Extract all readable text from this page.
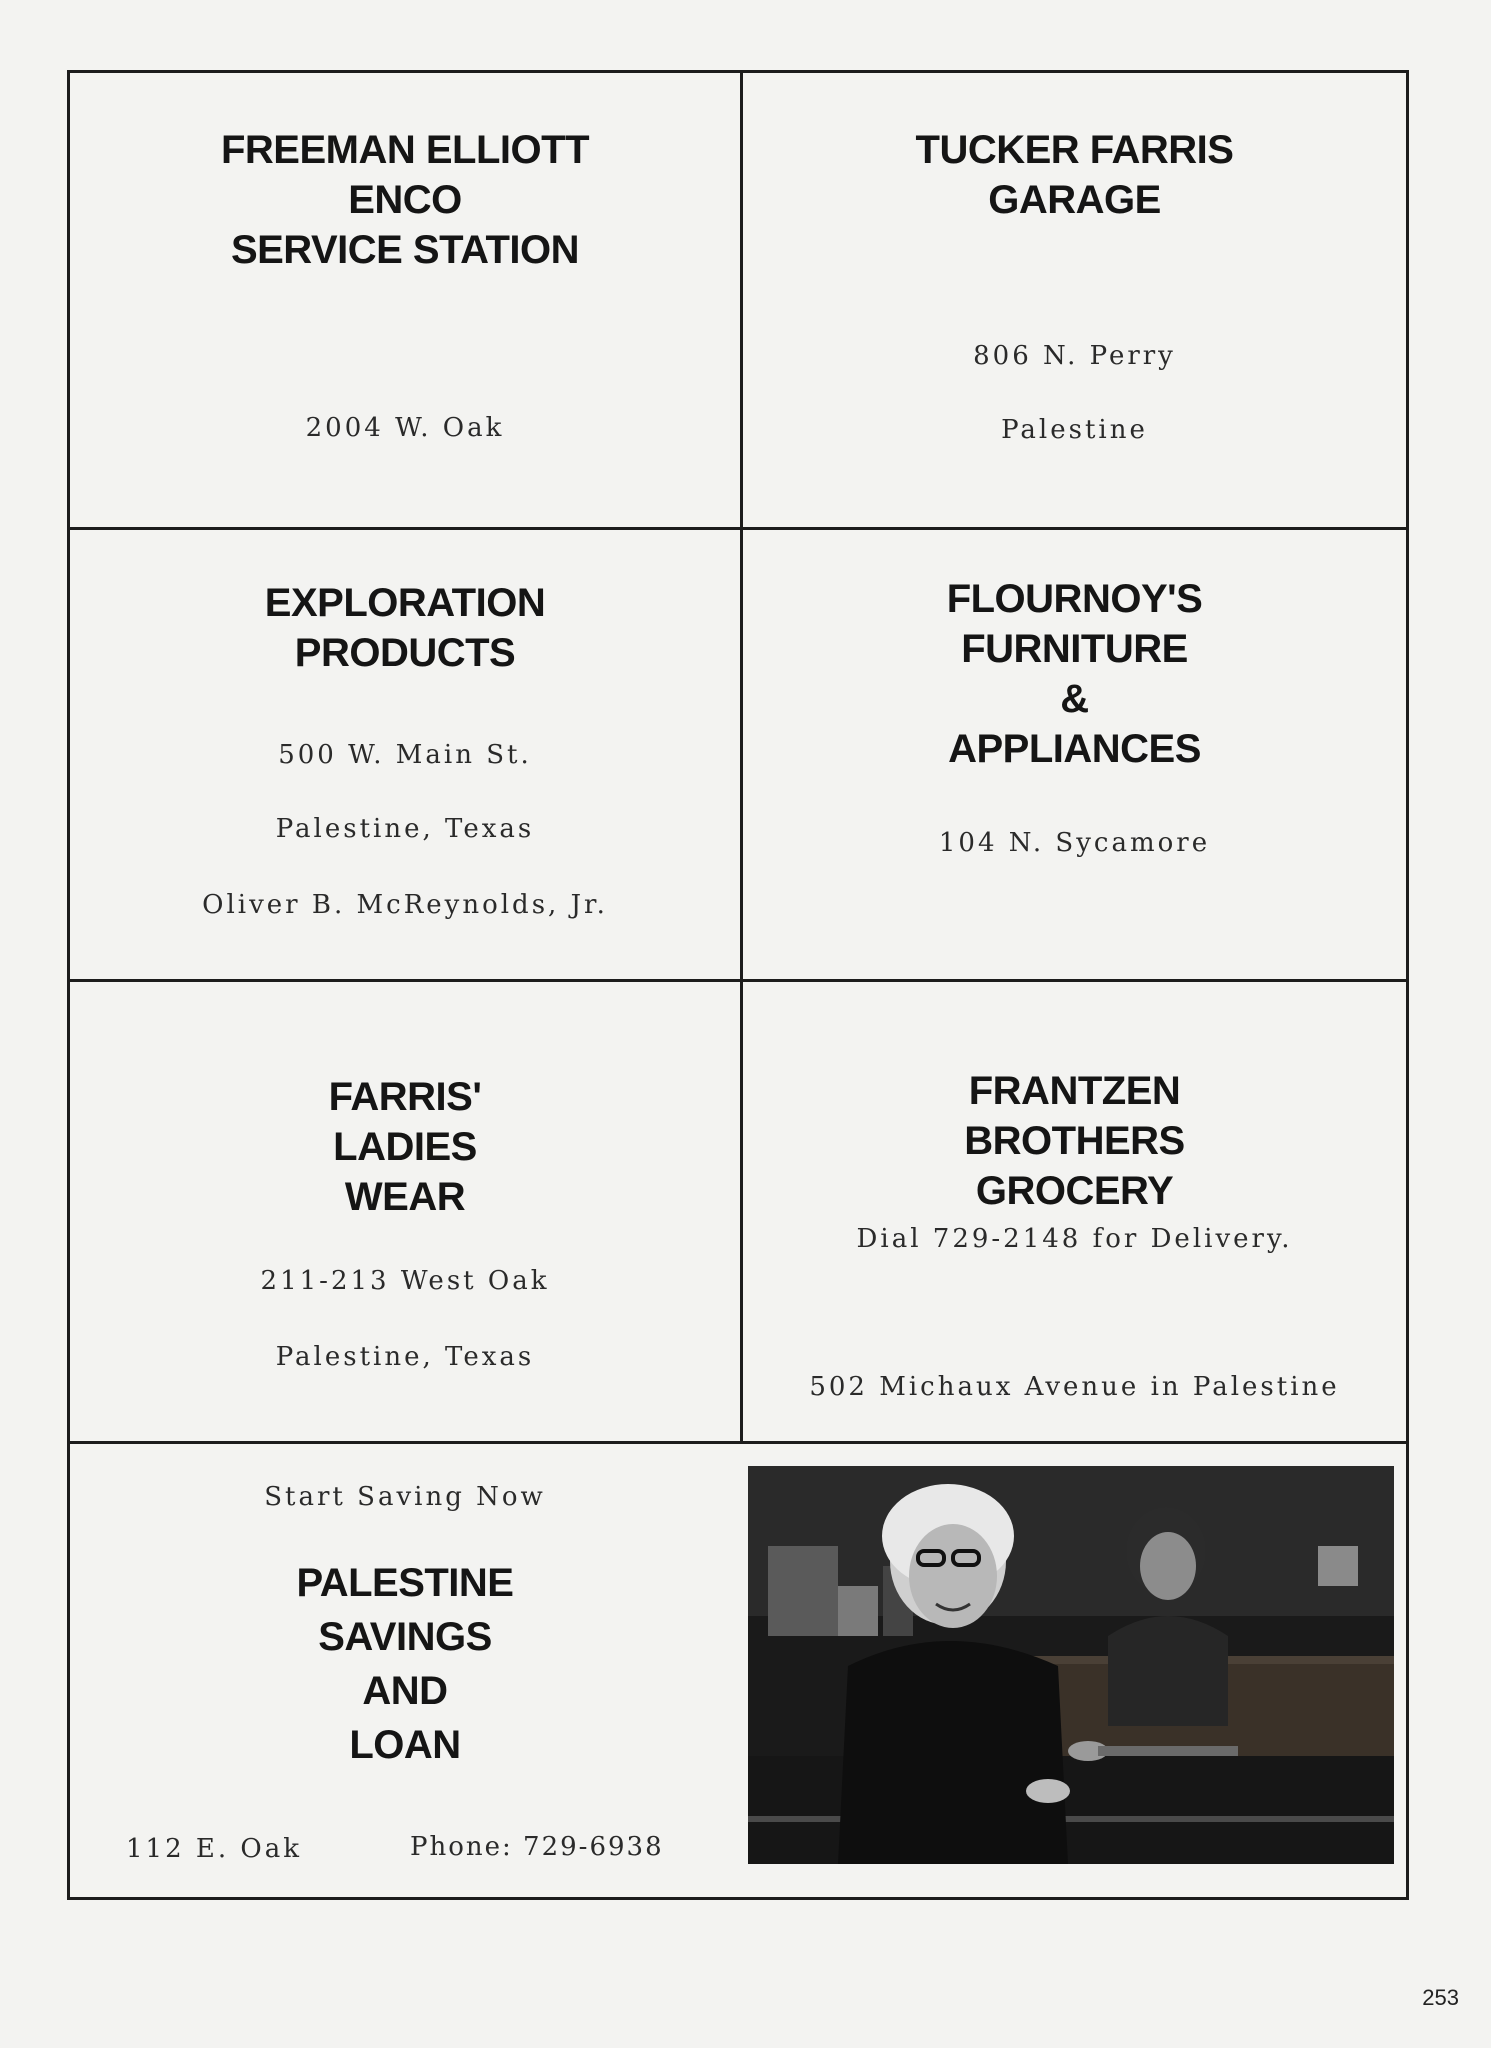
FREEMAN ELLIOTT

ENCO

SERVICE STATION

2004 W. Oak

TUCKER FARRIS

GARAGE

806 N. Perry
Palestine

EXPLORATION

PRODUCTS

500 W. Main St.
Palestine, Texas
Oliver B. McReynolds, Jr.

FLOURNOY'S

FURNITURE

&

APPLIANCES

104 N. Sycamore

FARRIS'

LADIES

WEAR

211-213 West Oak
Palestine, Texas

FRANTZEN

BROTHERS

GROCERY

Dial 729-2148 for Delivery.
502 Michaux Avenue in Palestine
Start Saving Now

PALESTINE

SAVINGS

AND

LOAN

112 E. Oak	Phone: 729-6938
253
